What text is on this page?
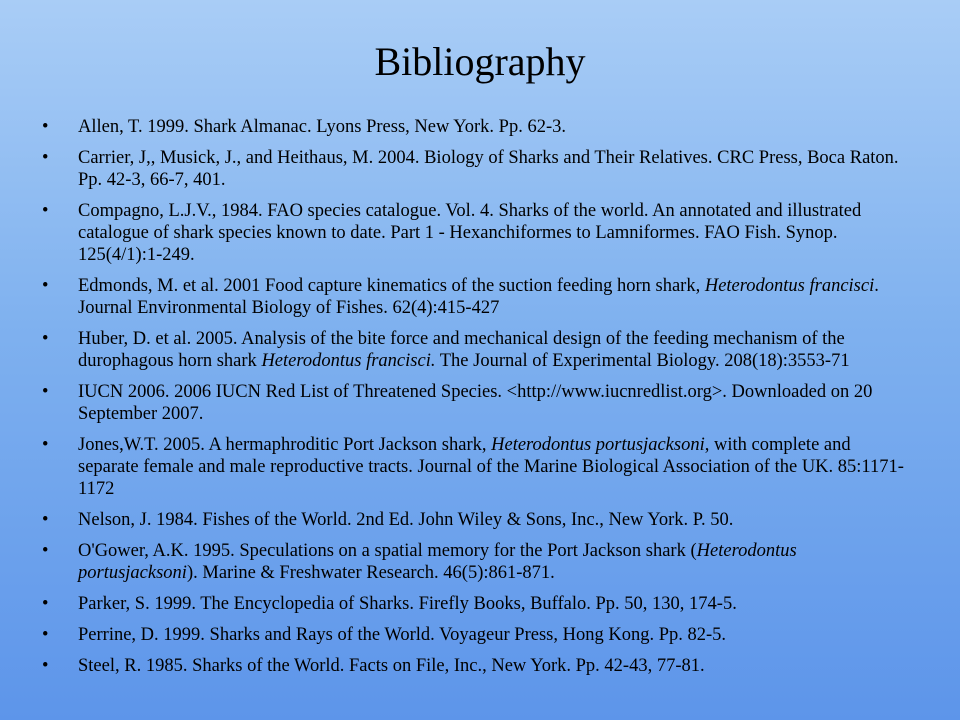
Bibliography
• Allen, T. 1999. Shark Almanac. Lyons Press, New York. Pp. 62-3.
• Carrier, J,, Musick, J., and Heithaus, M. 2004. Biology of Sharks and Their Relatives. CRC Press, Boca Raton. Pp. 42-3, 66-7, 401.
• Compagno, L.J.V., 1984. FAO species catalogue. Vol. 4. Sharks of the world. An annotated and illustrated catalogue of shark species known to date. Part 1 - Hexanchiformes to Lamniformes. FAO Fish. Synop. 125(4/1):1-249.
• Edmonds, M. et al. 2001 Food capture kinematics of the suction feeding horn shark, Heterodontus francisci. Journal Environmental Biology of Fishes. 62(4):415-427
• Huber, D. et al. 2005. Analysis of the bite force and mechanical design of the feeding mechanism of the durophagous horn shark Heterodontus francisci. The Journal of Experimental Biology. 208(18):3553-71
• IUCN 2006. 2006 IUCN Red List of Threatened Species. <http://www.iucnredlist.org>. Downloaded on 20 September 2007.
• Jones,W.T. 2005. A hermaphroditic Port Jackson shark, Heterodontus portusjacksoni, with complete and separate female and male reproductive tracts. Journal of the Marine Biological Association of the UK. 85:1171-1172
• Nelson, J. 1984. Fishes of the World. 2nd Ed. John Wiley & Sons, Inc., New York. P. 50.
• O'Gower, A.K. 1995. Speculations on a spatial memory for the Port Jackson shark (Heterodontus portusjacksoni). Marine & Freshwater Research. 46(5):861-871.
• Parker, S. 1999. The Encyclopedia of Sharks. Firefly Books, Buffalo. Pp. 50, 130, 174-5.
• Perrine, D. 1999. Sharks and Rays of the World. Voyageur Press, Hong Kong. Pp. 82-5.
• Steel, R. 1985. Sharks of the World. Facts on File, Inc., New York. Pp. 42-43, 77-81.
